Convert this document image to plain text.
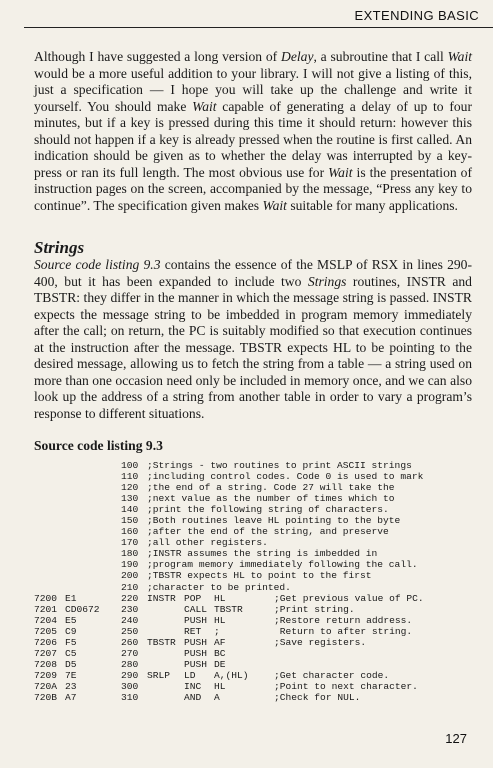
EXTENDING BASIC

Although I have suggested a long version of Delay, a subroutine that I call Wait would be a more useful addition to your library. I will not give a listing of this, just a specification — I hope you will take up the challenge and write it yourself. You should make Wait capable of generating a delay of up to four minutes, but if a key is pressed during this time it should return: however this should not happen if a key is already pressed when the routine is first called. An indication should be given as to whether the delay was interrupted by a key-press or ran its full length. The most obvious use for Wait is the presentation of instruction pages on the screen, accompanied by the message, “Press any key to continue”. The specification given makes Wait suitable for many applications.

Strings

Source code listing 9.3 contains the essence of the MSLP of RSX in lines 290-400, but it has been expanded to include two Strings routines, INSTR and TBSTR: they differ in the manner in which the message string is passed. INSTR expects the message string to be imbedded in program memory immediately after the call; on return, the PC is suitably modified so that execution continues at the instruction after the message. TBSTR expects HL to be pointing to the desired message, allowing us to fetch the string from a table — a string used on more than one occasion need only be included in memory once, and we can also look up the address of a string from another table in order to vary a program’s response to different situations.

Source code listing 9.3
100 ;Strings - two routines to print ASCII strings
110 ;including control codes. Code 0 is used to mark
120 ;the end of a string. Code 27 will take the
130 ;next value as the number of times which to
140 ;print the following string of characters.
150 ;Both routines leave HL pointing to the byte
160 ;after the end of the string, and preserve
170 ;all other registers.
180 ;INSTR assumes the string is imbedded in
190 ;program memory immediately following the call.
200 ;TBSTR expects HL to point to the first
210 ;character to be printed.
7200 E1	220 INSTR POP HL	;Get previous value of PC.
7201 CD0672 230	CALL TBSTR	;Print string.
7204 E5	240	PUSH HL	;Restore return address.
7205 C9	250	RET ;	Return to after string.
7206 F5	260 TBSTR PUSH AF	;Save registers.
7207 C5	270	PUSH BC
7208 D5	280	PUSH DE
7209 7E	290 SRLP LD A,(HL)	;Get character code.
720A 23	300	INC HL	;Point to next character.
720B A7	310	AND A	;Check for NUL.
127
